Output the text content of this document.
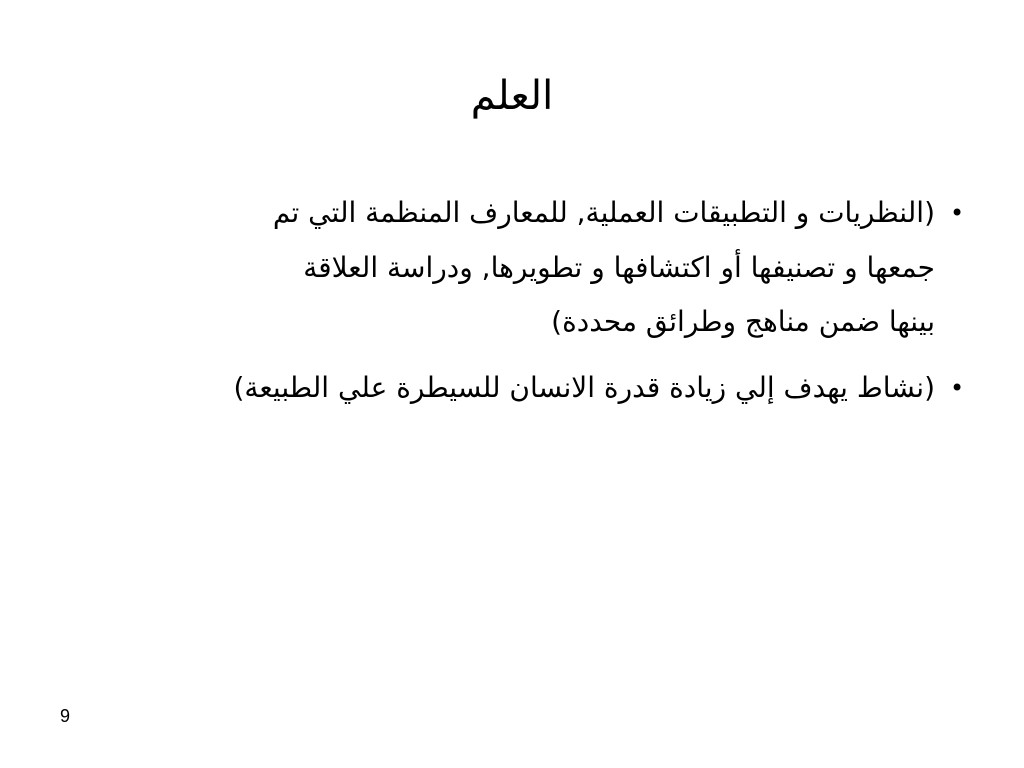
العلم
•
(النظريات و التطبيقات العملية, للمعارف المنظمة التي تم
جمعها و تصنيفها أو اكتشافها و تطويرها, ودراسة العلاقة
بينها ضمن مناهج وطرائق محددة)
•
(نشاط يهدف إلي زيادة قدرة الانسان للسيطرة علي الطبيعة)
9
